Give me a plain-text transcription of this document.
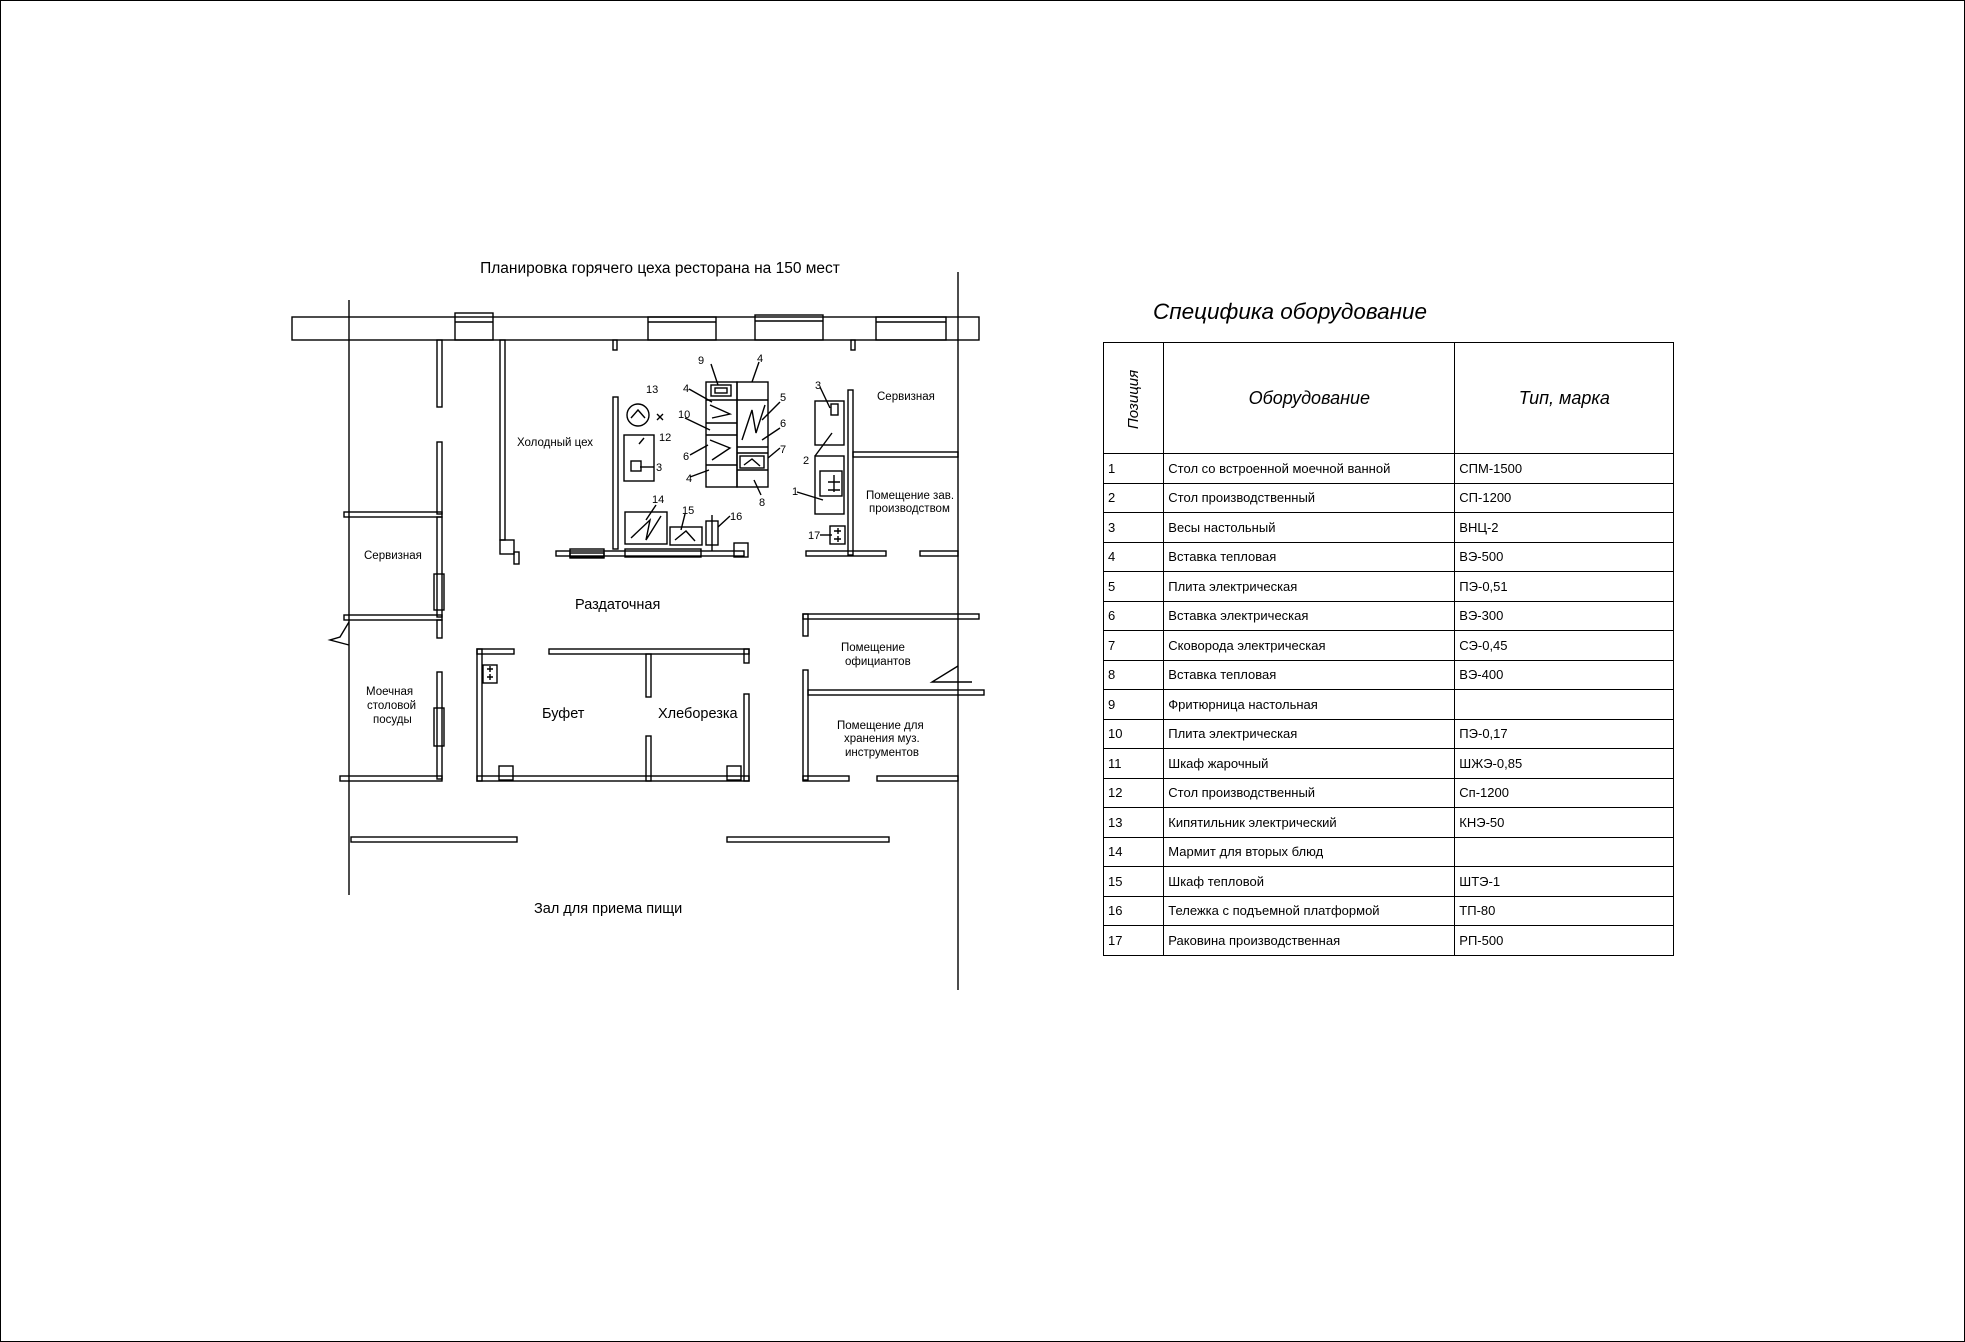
Планировка горячего цеха ресторана на 150 мест
9	4
4
13
5
10
6
12
7
6
3
4
8
3
2
1
14
15	16
17
Сервизная
Холодный цех
Помещение зав.
производством
Сервизная
Помещение
официантов
Моечная
столовой
посуды	Помещение для
хранения муз.
инструментов
Раздаточная
Буфет	Хлеборезка
Зал для приема пищи
Специфика оборудование
Позиция	Оборудование	Тип, марка
1	Стол со встроенной моечной ванной	СПМ-1500
2	Стол производственный	СП-1200
3	Весы настольный	ВНЦ-2
4	Вставка тепловая	ВЭ-500
5	Плита электрическая	ПЭ-0,51
6	Вставка электрическая	ВЭ-300
7	Сковорода электрическая	СЭ-0,45
8	Вставка тепловая	ВЭ-400
9	Фритюрница настольная	
10	Плита электрическая	ПЭ-0,17
11	Шкаф жарочный	ШЖЭ-0,85
12	Стол производственный	Сп-1200
13	Кипятильник электрический	КНЭ-50
14	Мармит для вторых блюд	
15	Шкаф тепловой	ШТЭ-1
16	Тележка с подъемной платформой	ТП-80
17	Раковина производственная	РП-500
